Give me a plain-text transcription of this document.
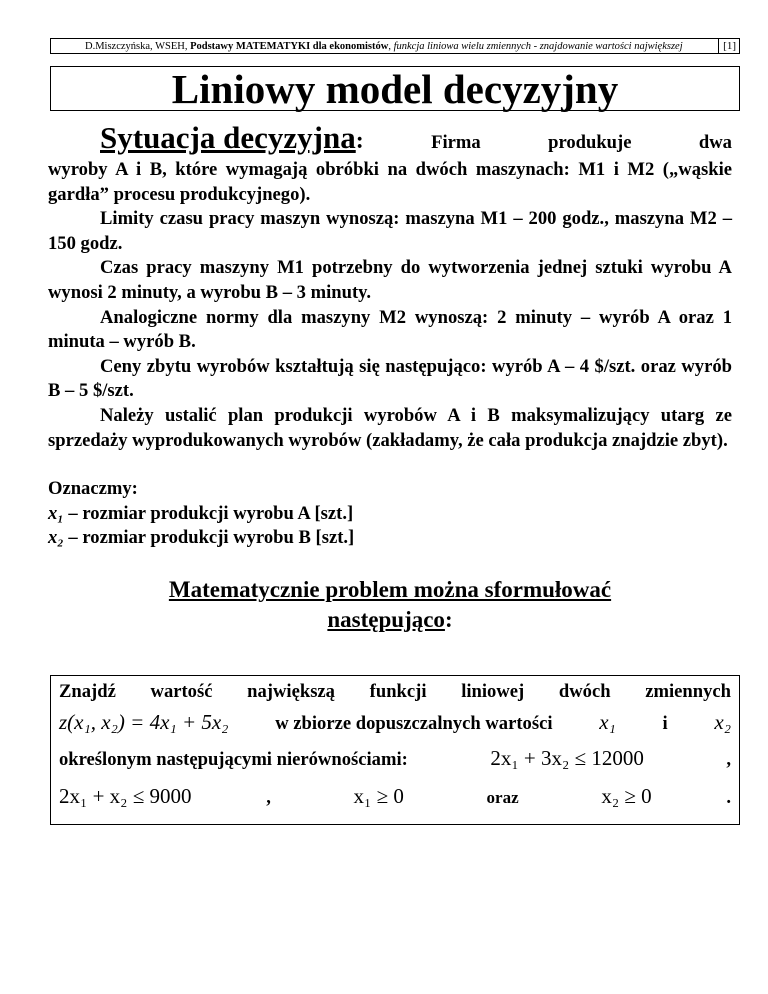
D.Miszczyńska, WSEH, Podstawy MATEMATYKI dla ekonomistów, funkcja liniowa wielu zmiennych - znajdowanie wartości największej	[1]
Liniowy model decyzyjny
Sytuacja decyzyjna:	Firma	produkuje	dwa

wyroby A i B, które wymagają obróbki na dwóch maszynach: M1 i M2 („wąskie gardła” procesu produkcyjnego).

Limity czasu pracy maszyn wynoszą: maszyna M1 – 200 godz., maszyna M2 – 150 godz.

Czas pracy maszyny M1 potrzebny do wytworzenia jednej sztuki wyrobu A wynosi 2 minuty, a wyrobu B – 3 minuty.

Analogiczne normy dla maszyny M2 wynoszą: 2 minuty – wyrób A oraz 1 minuta – wyrób B.

Ceny zbytu wyrobów kształtują się następująco: wyrób A – 4 $/szt. oraz wyrób B – 5 $/szt.

Należy ustalić plan produkcji wyrobów A i B maksymalizujący utarg ze sprzedaży wyprodukowanych wyrobów (zakładamy, że cała produkcja znajdzie zbyt).

Oznaczmy:
x₁ – rozmiar produkcji wyrobu A [szt.]
x₂ – rozmiar produkcji wyrobu B [szt.]
Matematycznie problem można sformułować
następująco:
Znajdź wartość największą funkcji liniowej dwóch zmiennych
z(x₁, x₂) = 4x₁ + 5x₂	w zbiorze dopuszczalnych wartości x₁	i x₂
określonym następującymi nierównościami:	2x₁ + 3x₂ ≤ 12000	,
2x₁ + x₂ ≤ 9000	,	x₁ ≥ 0	oraz	x₂ ≥ 0	.
